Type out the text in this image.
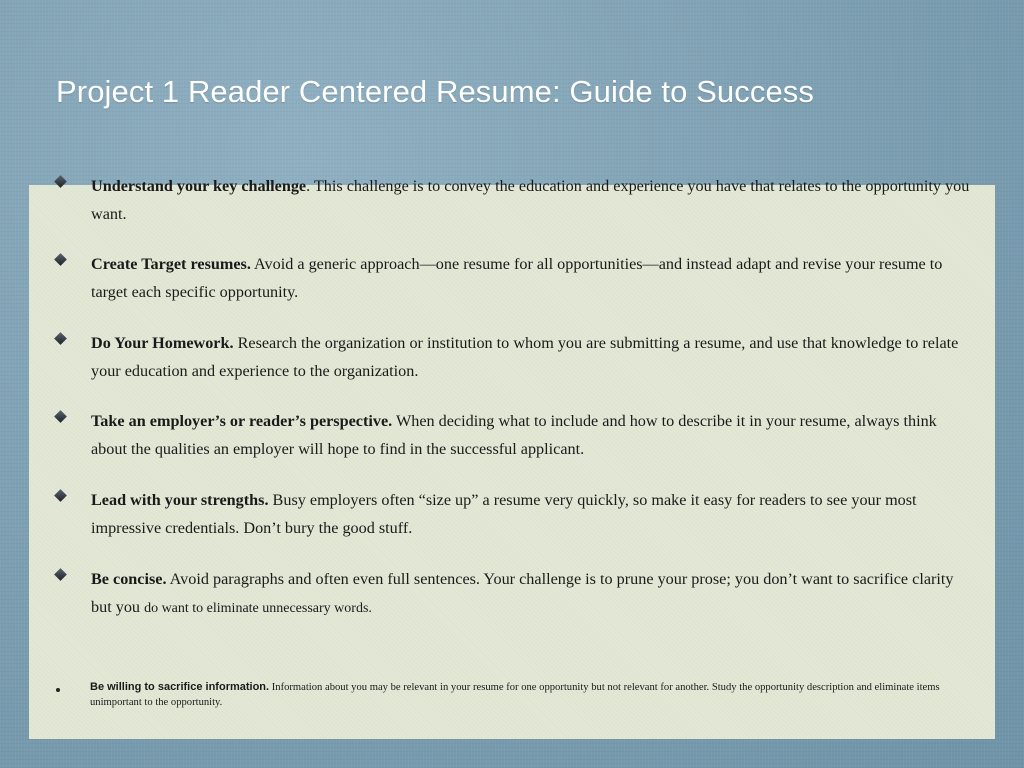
Project 1 Reader Centered Resume: Guide to Success
Understand your key challenge. This challenge is to convey the education and experience you have that relates to the opportunity you want.
Create Target resumes. Avoid a generic approach—one resume for all opportunities—and instead adapt and revise your resume to target each specific opportunity.
Do Your Homework. Research the organization or institution to whom you are submitting a resume, and use that knowledge to relate your education and experience to the organization.
Take an employer’s or reader’s perspective. When deciding what to include and how to describe it in your resume, always think about the qualities an employer will hope to find in the successful applicant.
Lead with your strengths. Busy employers often “size up” a resume very quickly, so make it easy for readers to see your most impressive credentials. Don’t bury the good stuff.
Be concise. Avoid paragraphs and often even full sentences. Your challenge is to prune your prose; you don’t want to sacrifice clarity but you do want to eliminate unnecessary words.
Be willing to sacrifice information. Information about you may be relevant in your resume for one opportunity but not relevant for another. Study the opportunity description and eliminate items unimportant to the opportunity.
